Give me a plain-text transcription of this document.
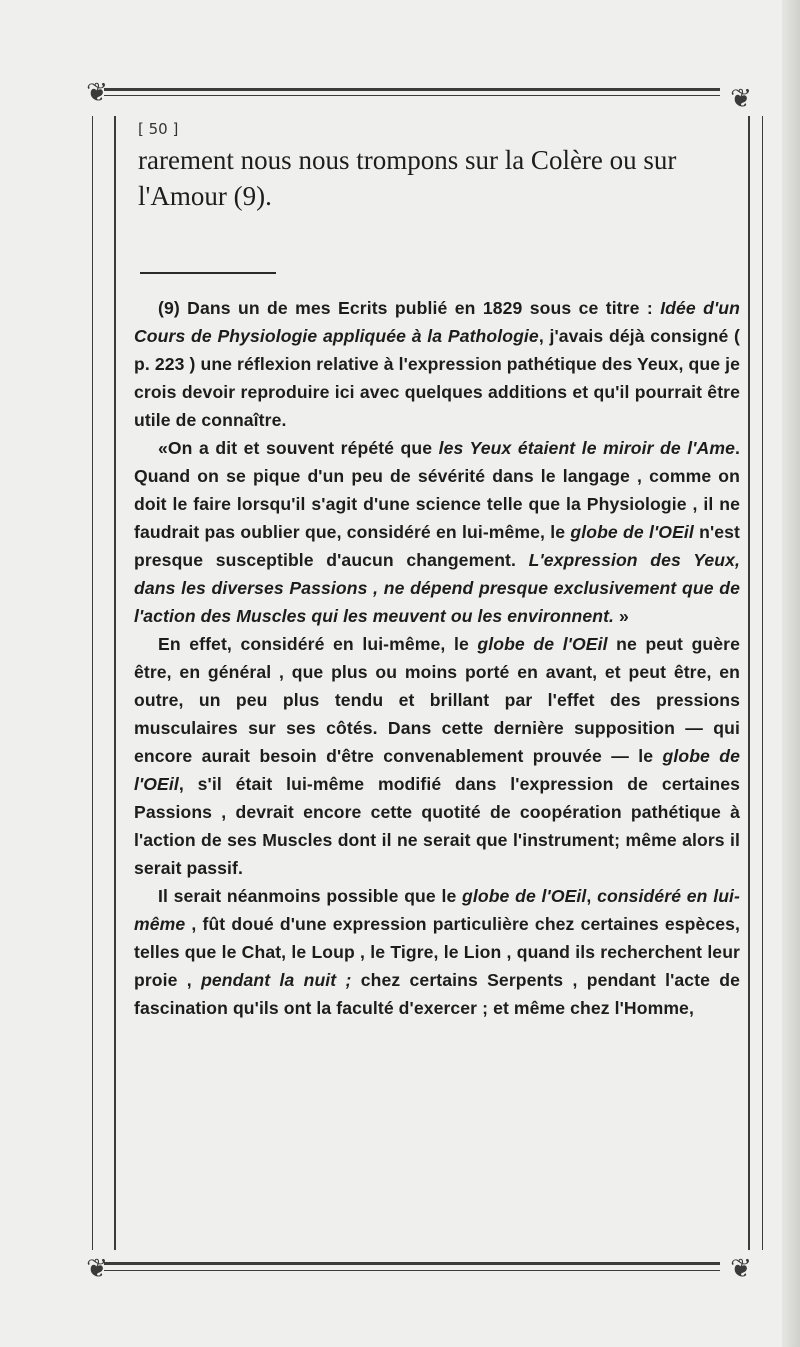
❦	❦
❦	❦
[ 50 ]

rarement nous nous trompons sur la Colère ou sur l'Amour (9).

(9) Dans un de mes Ecrits publié en 1829 sous ce titre : Idée d'un Cours de Physiologie appliquée à la Pathologie, j'avais déjà consigné ( p. 223 ) une réflexion relative à l'expression pathétique des Yeux, que je crois devoir reproduire ici avec quelques additions et qu'il pourrait être utile de connaître.

«On a dit et souvent répété que les Yeux étaient le miroir de l'Ame. Quand on se pique d'un peu de sévérité dans le langage , comme on doit le faire lorsqu'il s'agit d'une science telle que la Physiologie , il ne faudrait pas oublier que, considéré en lui-même, le globe de l'OEil n'est presque susceptible d'aucun changement. L'expression des Yeux, dans les diverses Passions , ne dépend presque exclusivement que de l'action des Muscles qui les meuvent ou les environnent. »

En effet, considéré en lui-même, le globe de l'OEil ne peut guère être, en général , que plus ou moins porté en avant, et peut être, en outre, un peu plus tendu et brillant par l'effet des pressions musculaires sur ses côtés. Dans cette dernière supposition — qui encore aurait besoin d'être convenablement prouvée — le globe de l'OEil, s'il était lui-même modifié dans l'expression de certaines Passions , devrait encore cette quotité de coopération pathétique à l'action de ses Muscles dont il ne serait que l'instrument; même alors il serait passif.

Il serait néanmoins possible que le globe de l'OEil, considéré en lui-même , fût doué d'une expression particulière chez certaines espèces, telles que le Chat, le Loup , le Tigre, le Lion , quand ils recherchent leur proie , pendant la nuit ; chez certains Serpents , pendant l'acte de fascination qu'ils ont la faculté d'exercer ; et même chez l'Homme,
